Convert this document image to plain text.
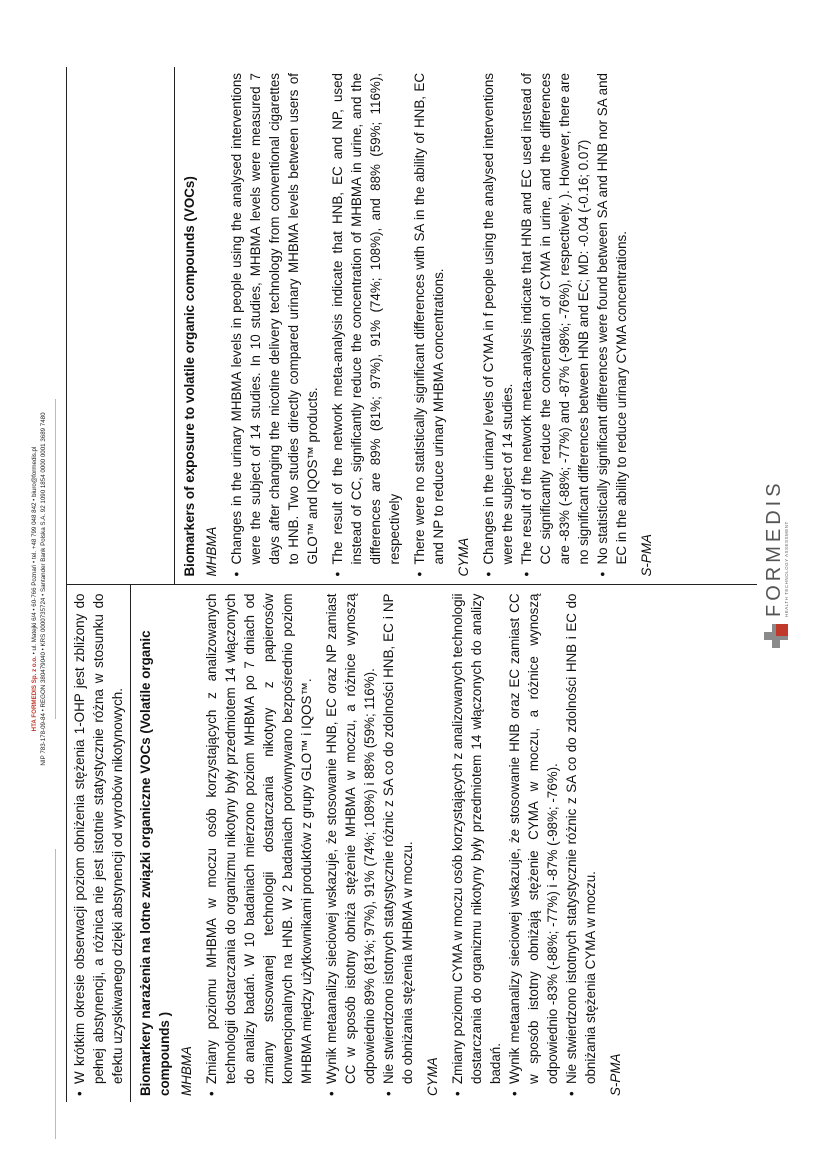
FORMEDIS HEALTH TECHNOLOGY ASSESSMENT
•
W krótkim okresie obserwacji poziom obniżenia stężenia 1-OHP jest zbliżony do pełnej abstynencji, a różnica nie jest istotnie statystycznie różna w stosunku do efektu uzyskiwanego dzięki abstynencji od wyrobów nikotynowych. Biomarkery narażenia na lotne związki organiczne VOCs (Volatile organic compounds ) MHBMA •
Zmiany poziomu MHBMA w moczu osób korzystających z analizowanych technologii dostarczania do organizmu nikotyny były przedmiotem 14 włączonych do analizy badań. W 10 badaniach mierzono poziom MHBMA po 7 dniach od zmiany stosowanej technologii dostarczania nikotyny z papierosów konwencjonalnych na HNB. W 2 badaniach porównywano bezpośrednio poziom MHBMA między użytkownikami produktów z grupy GLO™ i IQOS™.
•
Wynik metaanalizy sieciowej wskazuje, że stosowanie HNB, EC oraz NP zamiast CC w sposób istotny obniża stężenie MHBMA w moczu, a różnice wynoszą odpowiednio 89% (81%; 97%), 91% (74%; 108%) i 88% (59%; 116%).
•
Nie stwierdzono istotnych statystycznie różnic z SA co do zdolności HNB, EC i NP do obniżania stężenia MHBMA w moczu. CYMA •
Zmiany poziomu CYMA w moczu osób korzystających z analizowanych technologii dostarczania do organizmu nikotyny były przedmiotem 14 włączonych do analizy badań.
•
Wynik metaanalizy sieciowej wskazuje, że stosowanie HNB oraz EC zamiast CC w sposób istotny obniżają stężenie CYMA w moczu, a różnice wynoszą odpowiednio -83% (-88%; -77%) i -87% (-98%; -76%).
•
Nie stwierdzono istotnych statystycznie różnic z SA co do zdolności HNB i EC do obniżania stężenia CYMA w moczu. S-PMA
Biomarkers of exposure to volatile organic compounds (VOCs) MHBMA •
Changes in the urinary MHBMA levels in people using the analysed interventions were the subject of 14 studies. In 10 studies, MHBMA levels were measured 7 days after changing the nicotine delivery technology from conventional cigarettes to HNB. Two studies directly compared urinary MHBMA levels between users of GLO™ and IQOS™ products.
•
The result of the network meta-analysis indicate that HNB, EC and NP, used instead of CC, significantly reduce the concentration of MHBMA in urine, and the differences are 89% (81%; 97%), 91% (74%; 108%), and 88% (59%; 116%), respectively
•
There were no statistically significant differences with SA in the ability of HNB, EC and NP to reduce urinary MHBMA concentrations. CYMA •
Changes in the urinary levels of CYMA in f people using the analysed interventions were the subject of 14 studies.
•
The result of the network meta-analysis indicate that HNB and EC used instead of CC significantly reduce the concentration of CYMA in urine, and the differences are -83% (-88%; -77%) and -87% (-98%; -76%), respectively. ). However, there are no significant differences between HNB and EC; MD: -0.04 (-0.16; 0.07)
•
No statistically significant differences were found between SA and HNB nor SA and EC in the ability to reduce urinary CYMA concentrations. S-PMA
HTA FORMEDIS Sp. z o.o. • ul. Matejki 6/4 • 60-766 Poznań • tel. +48 799 048 842 • biuro@formedis.pl NIP 783-178-09-84 • REGON 380479040 • KRS 0000735724 • Santander Bank Polska S.A. 92 1090 1854 0000 0001 3689 7480
